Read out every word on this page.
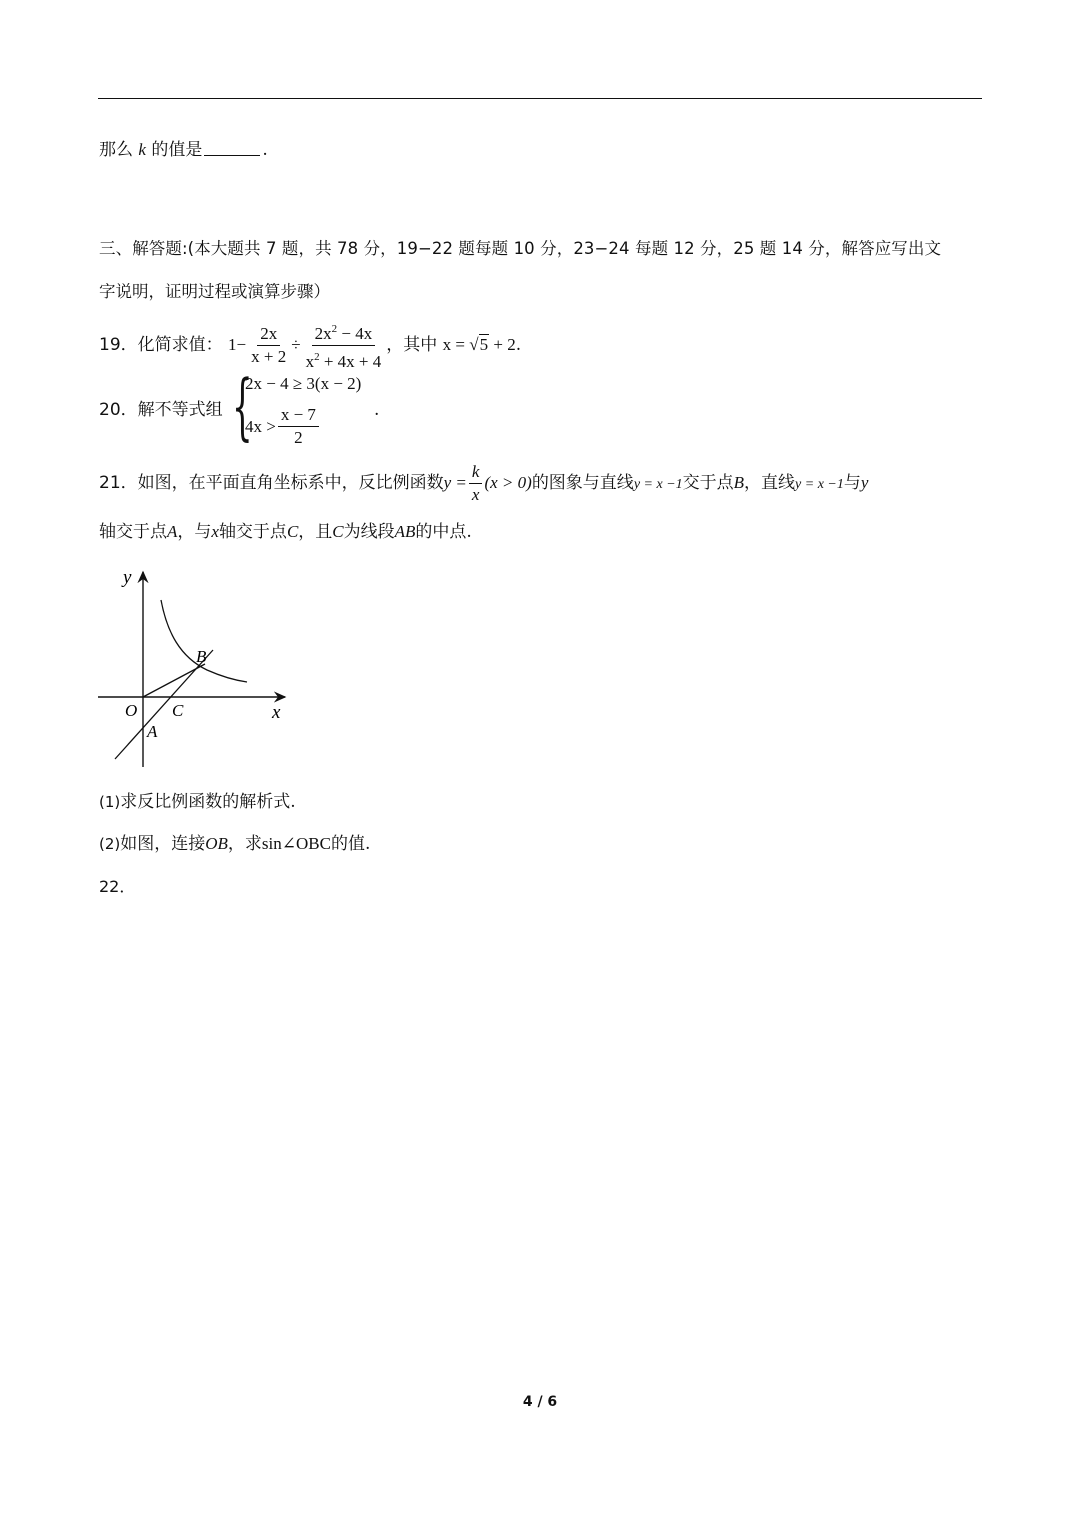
那么 k 的值是	.
三、解答题:(本大题共 7 题，共 78 分，19−22 题每题 10 分，23−24 每题 12 分，25 题 14 分，解答应写出文
字说明，证明过程或演算步骤）
19．化简求值： $1- \frac{2x}{x + 2} \div \frac{2x^2 - 4x}{x^2 + 4x + 4}$ ，其中 x = √5 + 2.
20．解不等式组 {
2x − 4 ≥ 3(x − 2)
$4x > \frac{x - 7}{2}$	.
21．如图，在平面直角坐标系中，反比例函数$y = \frac{k}{x} (x > 0)$的图象与直线y = x −1交于点B，直线y = x −1与y
轴交于点A，与x轴交于点C，且C为线段AB的中点.
y
x
O C
A
B
(1)求反比例函数的解析式.
(2)如图，连接OB，求sin∠OBC的值.
22．
4 / 6
